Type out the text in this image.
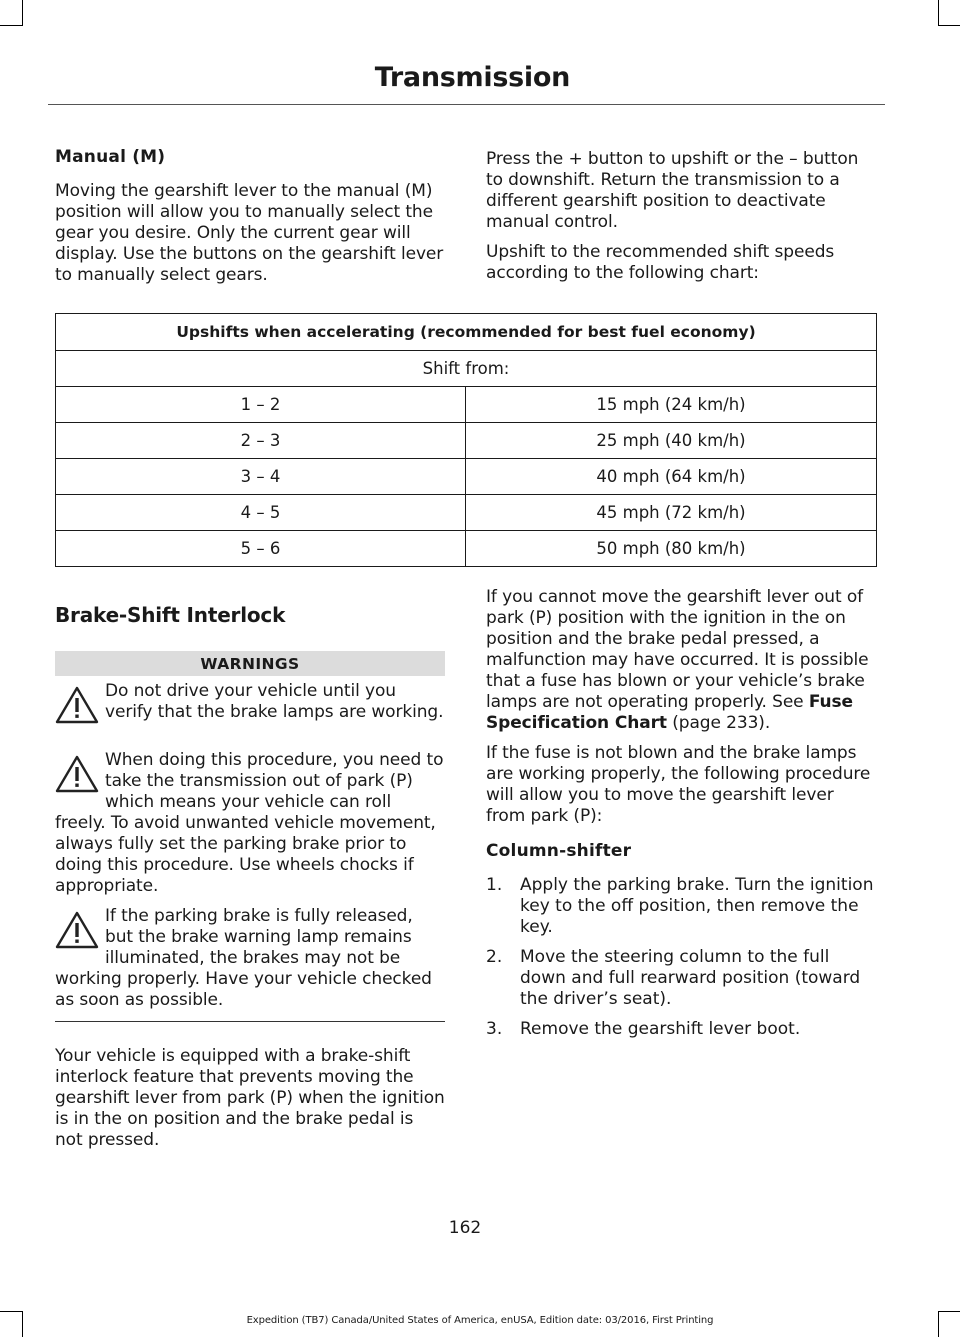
Transmission

Manual (M)

Moving the gearshift lever to the manual (M) position will allow you to manually select the gear you desire. Only the current gear will display. Use the buttons on the gearshift lever to manually select gears.

Press the + button to upshift or the – button to downshift. Return the transmission to a different gearshift position to deactivate manual control.

Upshift to the recommended shift speeds according to the following chart:

Upshifts when accelerating (recommended for best fuel economy)	
Shift from:	
1 – 2	15 mph (24 km/h)
2 – 3	25 mph (40 km/h)
3 – 4	40 mph (64 km/h)
4 – 5	45 mph (72 km/h)
5 – 6	50 mph (80 km/h)

Brake-Shift Interlock

WARNINGS

Do not drive your vehicle until you verify that the brake lamps are working.

When doing this procedure, you need to take the transmission out of park (P) which means your vehicle can roll freely. To avoid unwanted vehicle movement, always fully set the parking brake prior to doing this procedure. Use wheels chocks if appropriate.

If the parking brake is fully released, but the brake warning lamp remains illuminated, the brakes may not be working properly. Have your vehicle checked as soon as possible.

Your vehicle is equipped with a brake-shift interlock feature that prevents moving the gearshift lever from park (P) when the ignition is in the on position and the brake pedal is not pressed.

If you cannot move the gearshift lever out of park (P) position with the ignition in the on position and the brake pedal pressed, a malfunction may have occurred. It is possible that a fuse has blown or your vehicle’s brake lamps are not operating properly. See Fuse Specification Chart (page 233).

If the fuse is not blown and the brake lamps are working properly, the following procedure will allow you to move the gearshift lever from park (P):

Column-shifter

1. Apply the parking brake. Turn the ignition key to the off position, then remove the key.
2. Move the steering column to the full down and full rearward position (toward the driver’s seat).
3. Remove the gearshift lever boot.
162
Expedition (TB7) Canada/United States of America, enUSA, Edition date: 03/2016, First Printing
